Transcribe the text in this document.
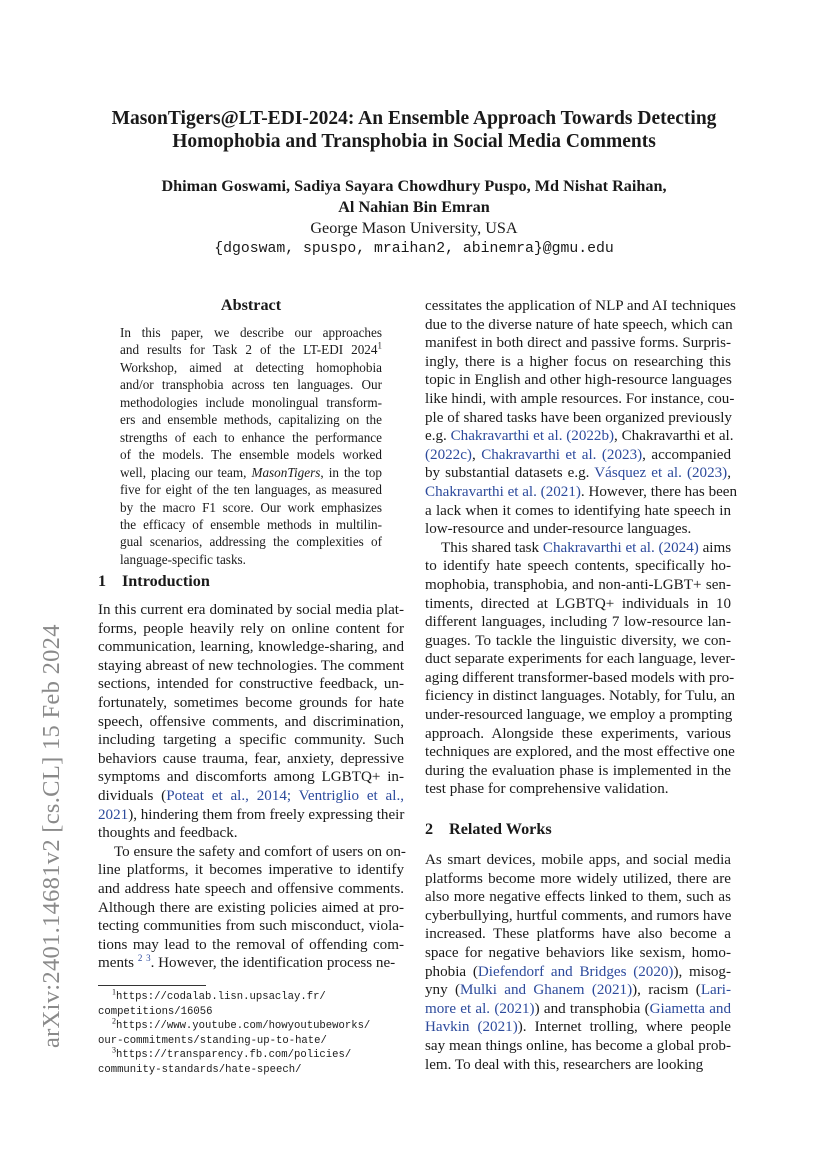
arXiv:2401.14681v2 [cs.CL] 15 Feb 2024
MasonTigers@LT-EDI-2024: An Ensemble Approach Towards Detecting
Homophobia and Transphobia in Social Media Comments
Dhiman Goswami, Sadiya Sayara Chowdhury Puspo, Md Nishat Raihan,
Al Nahian Bin Emran
George Mason University, USA
{dgoswam, spuspo, mraihan2, abinemra}@gmu.edu
Abstract
In this paper, we describe our approaches
and results for Task 2 of the LT-EDI 2024$^1$
Workshop, aimed at detecting homophobia
and/or transphobia across ten languages. Our
methodologies include monolingual transform-
ers and ensemble methods, capitalizing on the
strengths of each to enhance the performance
of the models. The ensemble models worked
well, placing our team, MasonTigers, in the top
five for eight of the ten languages, as measured
by the macro F1 score. Our work emphasizes
the efficacy of ensemble methods in multilin-
gual scenarios, addressing the complexities of
language-specific tasks.
1 Introduction
In this current era dominated by social media plat-
forms, people heavily rely on online content for
communication, learning, knowledge-sharing, and
staying abreast of new technologies. The comment
sections, intended for constructive feedback, un-
fortunately, sometimes become grounds for hate
speech, offensive comments, and discrimination,
including targeting a specific community. Such
behaviors cause trauma, fear, anxiety, depressive
symptoms and discomforts among LGBTQ+ in-
dividuals (Poteat et al., 2014; Ventriglio et al.,
2021), hindering them from freely expressing their
thoughts and feedback.
To ensure the safety and comfort of users on on-
line platforms, it becomes imperative to identify
and address hate speech and offensive comments.
Although there are existing policies aimed at pro-
tecting communities from such misconduct, viola-
tions may lead to the removal of offending com-
ments $^2$ $^3$. However, the identification process ne-
$^1$https://codalab.lisn.upsaclay.fr/
competitions/16056
$^2$https://www.youtube.com/howyoutubeworks/
our-commitments/standing-up-to-hate/
$^3$https://transparency.fb.com/policies/
community-standards/hate-speech/
cessitates the application of NLP and AI techniques
due to the diverse nature of hate speech, which can
manifest in both direct and passive forms. Surpris-
ingly, there is a higher focus on researching this
topic in English and other high-resource languages
like hindi, with ample resources. For instance, cou-
ple of shared tasks have been organized previously
e.g. Chakravarthi et al. (2022b), Chakravarthi et al.
(2022c), Chakravarthi et al. (2023), accompanied
by substantial datasets e.g. Vásquez et al. (2023),
Chakravarthi et al. (2021). However, there has been
a lack when it comes to identifying hate speech in
low-resource and under-resource languages.
This shared task Chakravarthi et al. (2024) aims
to identify hate speech contents, specifically ho-
mophobia, transphobia, and non-anti-LGBT+ sen-
timents, directed at LGBTQ+ individuals in 10
different languages, including 7 low-resource lan-
guages. To tackle the linguistic diversity, we con-
duct separate experiments for each language, lever-
aging different transformer-based models with pro-
ficiency in distinct languages. Notably, for Tulu, an
under-resourced language, we employ a prompting
approach. Alongside these experiments, various
techniques are explored, and the most effective one
during the evaluation phase is implemented in the
test phase for comprehensive validation.
2 Related Works
As smart devices, mobile apps, and social media
platforms become more widely utilized, there are
also more negative effects linked to them, such as
cyberbullying, hurtful comments, and rumors have
increased. These platforms have also become a
space for negative behaviors like sexism, homo-
phobia (Diefendorf and Bridges (2020)), misog-
yny (Mulki and Ghanem (2021)), racism (Lari-
more et al. (2021)) and transphobia (Giametta and
Havkin (2021)). Internet trolling, where people
say mean things online, has become a global prob-
lem. To deal with this, researchers are looking
